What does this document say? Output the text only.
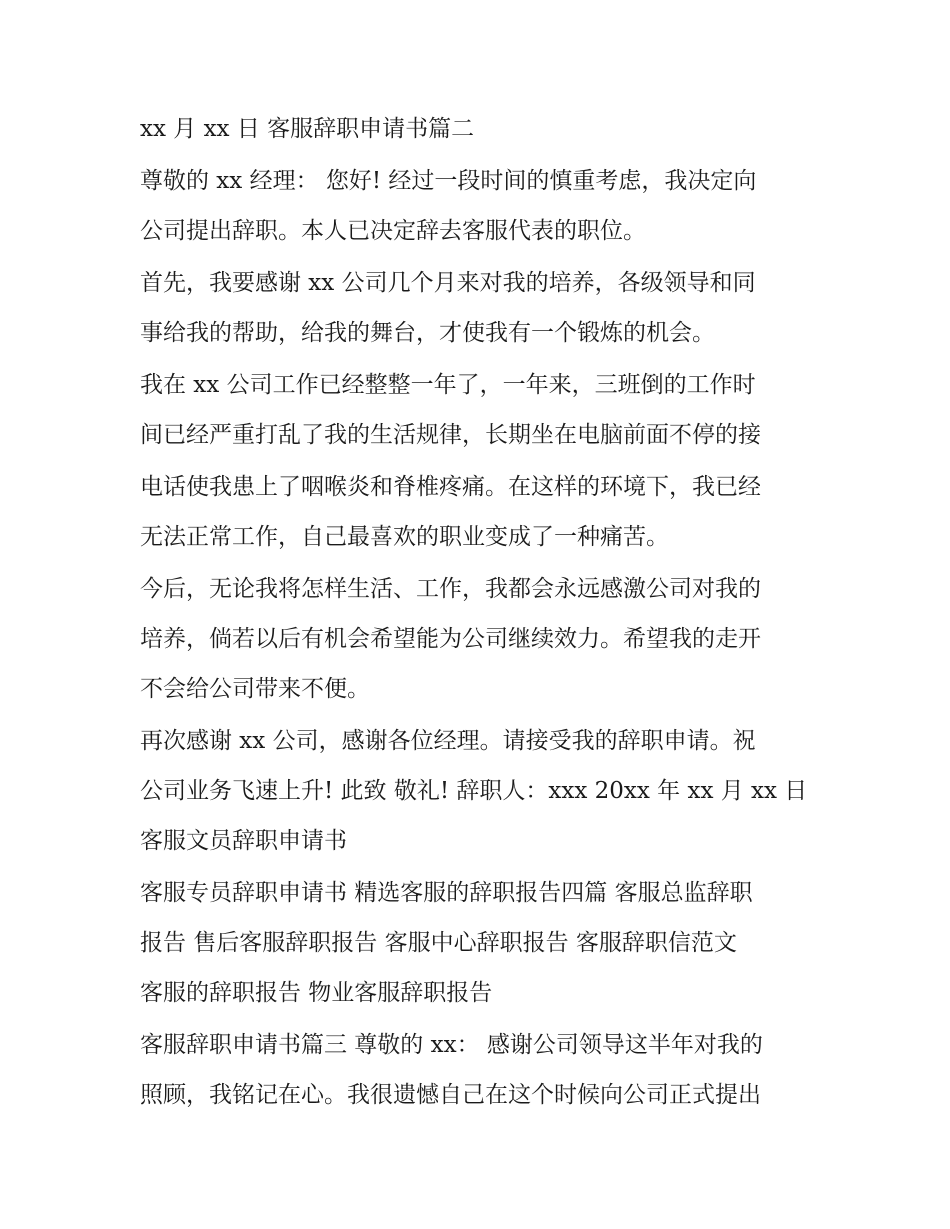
xx 月 xx 日 客服辞职申请书篇二

尊敬的 xx 经理： 您好! 经过一段时间的慎重考虑，我决定向

公司提出辞职。本人已决定辞去客服代表的职位。

首先，我要感谢 xx 公司几个月来对我的培养，各级领导和同

事给我的帮助，给我的舞台，才使我有一个锻炼的机会。

我在 xx 公司工作已经整整一年了，一年来，三班倒的工作时

间已经严重打乱了我的生活规律，长期坐在电脑前面不停的接

电话使我患上了咽喉炎和脊椎疼痛。在这样的环境下，我已经

无法正常工作，自己最喜欢的职业变成了一种痛苦。

今后，无论我将怎样生活、工作，我都会永远感激公司对我的

培养，倘若以后有机会希望能为公司继续效力。希望我的走开

不会给公司带来不便。

再次感谢 xx 公司，感谢各位经理。请接受我的辞职申请。祝

公司业务飞速上升! 此致 敬礼! 辞职人：xxx 20xx 年 xx 月 xx 日

客服文员辞职申请书

客服专员辞职申请书 精选客服的辞职报告四篇 客服总监辞职

报告 售后客服辞职报告 客服中心辞职报告 客服辞职信范文

客服的辞职报告 物业客服辞职报告

客服辞职申请书篇三 尊敬的 xx： 感谢公司领导这半年对我的

照顾，我铭记在心。我很遗憾自己在这个时候向公司正式提出
